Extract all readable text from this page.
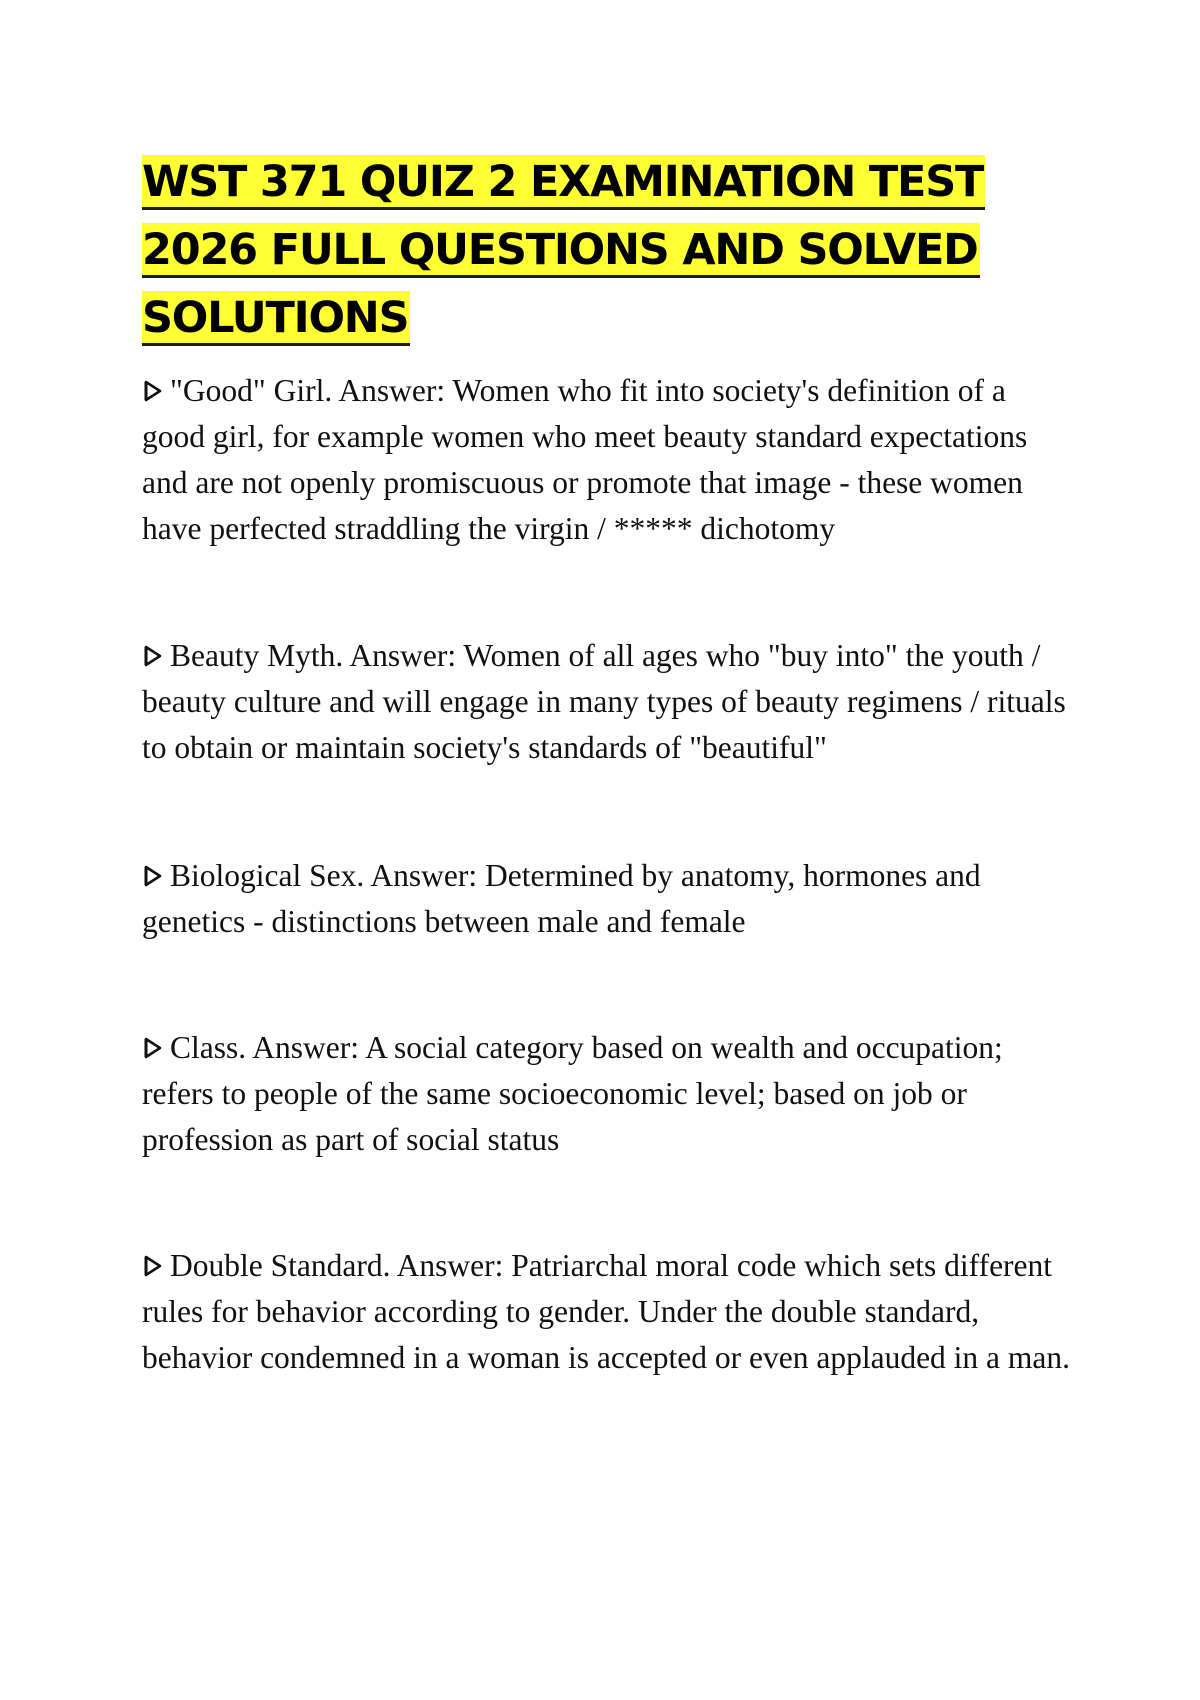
WST 371 QUIZ 2 EXAMINATION TEST 2026 FULL QUESTIONS AND SOLVED SOLUTIONS

"Good" Girl. Answer: Women who fit into society's definition of a good girl, for example women who meet beauty standard expectations and are not openly promiscuous or promote that image - these women have perfected straddling the virgin / ***** dichotomy

Beauty Myth. Answer: Women of all ages who "buy into" the youth / beauty culture and will engage in many types of beauty regimens / rituals to obtain or maintain society's standards of "beautiful"

Biological Sex. Answer: Determined by anatomy, hormones and genetics - distinctions between male and female

Class. Answer: A social category based on wealth and occupation; refers to people of the same socioeconomic level; based on job or profession as part of social status

Double Standard. Answer: Patriarchal moral code which sets different rules for behavior according to gender. Under the double standard, behavior condemned in a woman is accepted or even applauded in a man.
